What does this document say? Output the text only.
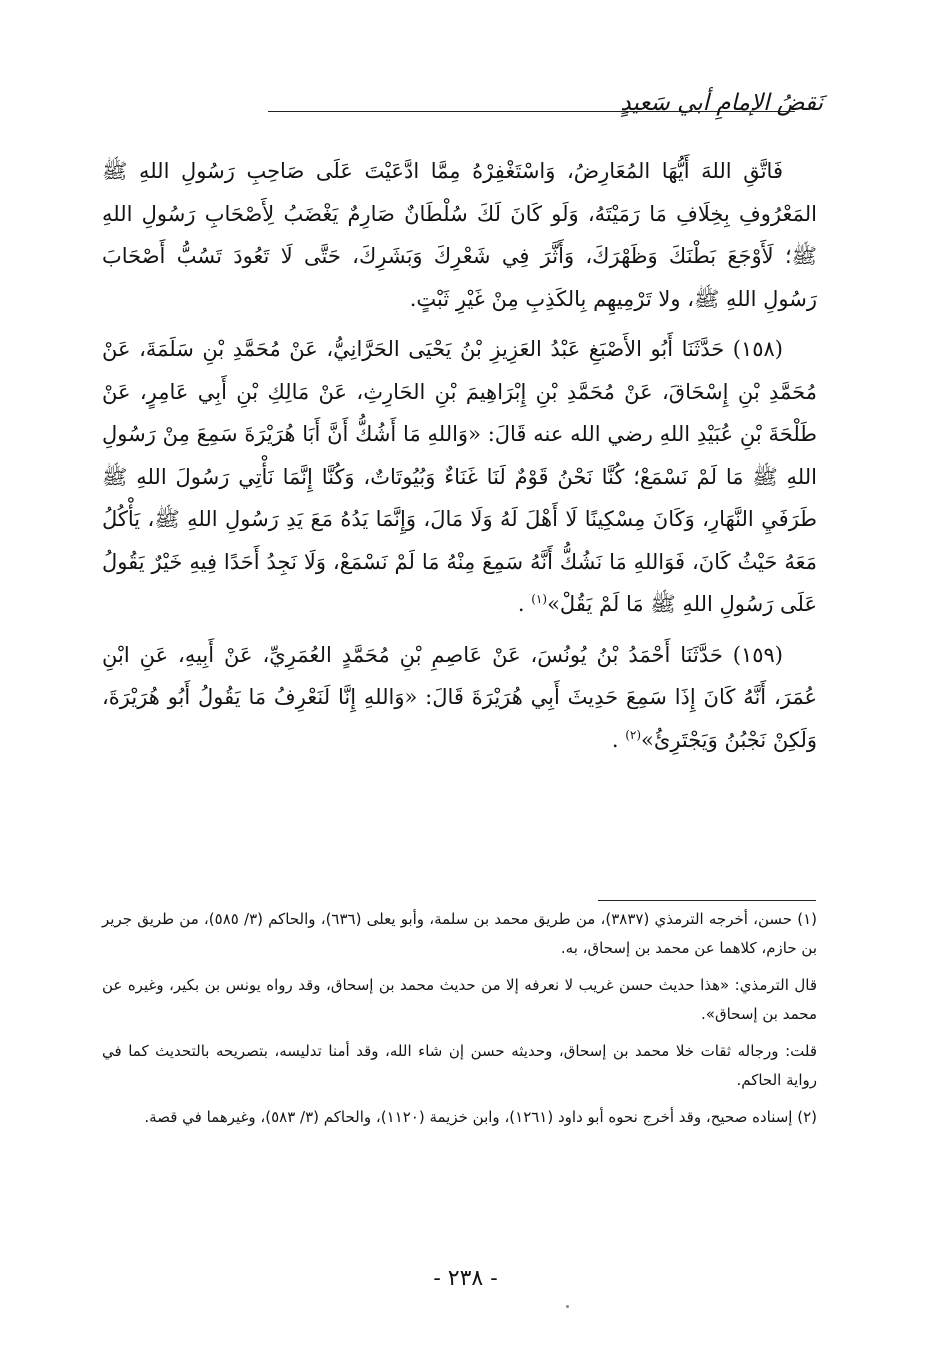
نَقضُ الإمامِ أبي سَعيدٍ

فَاتَّقِ اللهَ أَيُّهَا المُعَارِضُ، وَاسْتَغْفِرْهُ مِمَّا ادَّعَيْتَ عَلَى صَاحِبِ رَسُولِ اللهِ ﷺ المَعْرُوفِ بِخِلَافِ مَا رَمَيْتَهُ، وَلَو كَانَ لَكَ سُلْطَانٌ صَارِمٌ يَغْضَبُ لِأَصْحَابِ رَسُولِ اللهِ ﷺ؛ لَأَوْجَعَ بَطْنَكَ وَظَهْرَكَ، وَأَثَّرَ فِي شَعْرِكَ وَبَشَرِكَ، حَتَّى لَا تَعُودَ تَسُبُّ أَصْحَابَ رَسُولِ اللهِ ﷺ، ولا تَرْمِيهِم بِالكَذِبِ مِنْ غَيْرِ ثَبْتٍ.

(١٥٨) حَدَّثَنَا أَبُو الأَصْبَغِ عَبْدُ العَزِيزِ بْنُ يَحْيَى الحَرَّانِيُّ، عَنْ مُحَمَّدِ بْنِ سَلَمَةَ، عَنْ مُحَمَّدِ بْنِ إِسْحَاقَ، عَنْ مُحَمَّدِ بْنِ إِبْرَاهِيمَ بْنِ الحَارِثِ، عَنْ مَالِكِ بْنِ أَبِي عَامِرٍ، عَنْ طَلْحَةَ بْنِ عُبَيْدِ اللهِ رضي الله عنه قَالَ: «وَاللهِ مَا أَشُكُّ أَنَّ أَبَا هُرَيْرَةَ سَمِعَ مِنْ رَسُولِ اللهِ ﷺ مَا لَمْ نَسْمَعْ؛ كُنَّا نَحْنُ قَوْمٌ لَنَا غَنَاءٌ وَبُيُوتَاتٌ، وَكُنَّا إِنَّمَا نَأْتِي رَسُولَ اللهِ ﷺ طَرَفَيِ النَّهَارِ، وَكَانَ مِسْكِينًا لَا أَهْلَ لَهُ وَلَا مَالَ، وَإِنَّمَا يَدُهُ مَعَ يَدِ رَسُولِ اللهِ ﷺ، يَأْكُلُ مَعَهُ حَيْثُ كَانَ، فَوَاللهِ مَا نَشُكُّ أَنَّهُ سَمِعَ مِنْهُ مَا لَمْ نَسْمَعْ، وَلَا نَجِدُ أَحَدًا فِيهِ خَيْرٌ يَقُولُ عَلَى رَسُولِ اللهِ ﷺ مَا لَمْ يَقُلْ»$^{(١)}$ .

(١٥٩) حَدَّثَنَا أَحْمَدُ بْنُ يُونُسَ، عَنْ عَاصِمِ بْنِ مُحَمَّدٍ العُمَرِيِّ، عَنْ أَبِيهِ، عَنِ ابْنِ عُمَرَ، أَنَّهُ كَانَ إِذَا سَمِعَ حَدِيثَ أَبِي هُرَيْرَةَ قَالَ: «وَاللهِ إِنَّا لَنَعْرِفُ مَا يَقُولُ أَبُو هُرَيْرَةَ، وَلَكِنْ نَجْبُنُ وَيَجْتَرِئُ»$^{(٢)}$ .

(١) حسن، أخرجه الترمذي (٣٨٣٧)، من طريق محمد بن سلمة، وأبو يعلى (٦٣٦)، والحاكم (٣/ ٥٨٥)، من طريق جرير بن حازم، كلاهما عن محمد بن إسحاق، به.

قال الترمذي: «هذا حديث حسن غريب لا نعرفه إلا من حديث محمد بن إسحاق، وقد رواه يونس بن بكير، وغيره عن محمد بن إسحاق».

قلت: ورجاله ثقات خلا محمد بن إسحاق، وحديثه حسن إن شاء الله، وقد أمنا تدليسه، بتصريحه بالتحديث كما في رواية الحاكم.

(٢) إسناده صحيح، وقد أخرج نحوه أبو داود (١٢٦١)، وابن خزيمة (١١٢٠)، والحاكم (٣/ ٥٨٣)، وغيرهما في قصة.

- ٢٣٨ -
